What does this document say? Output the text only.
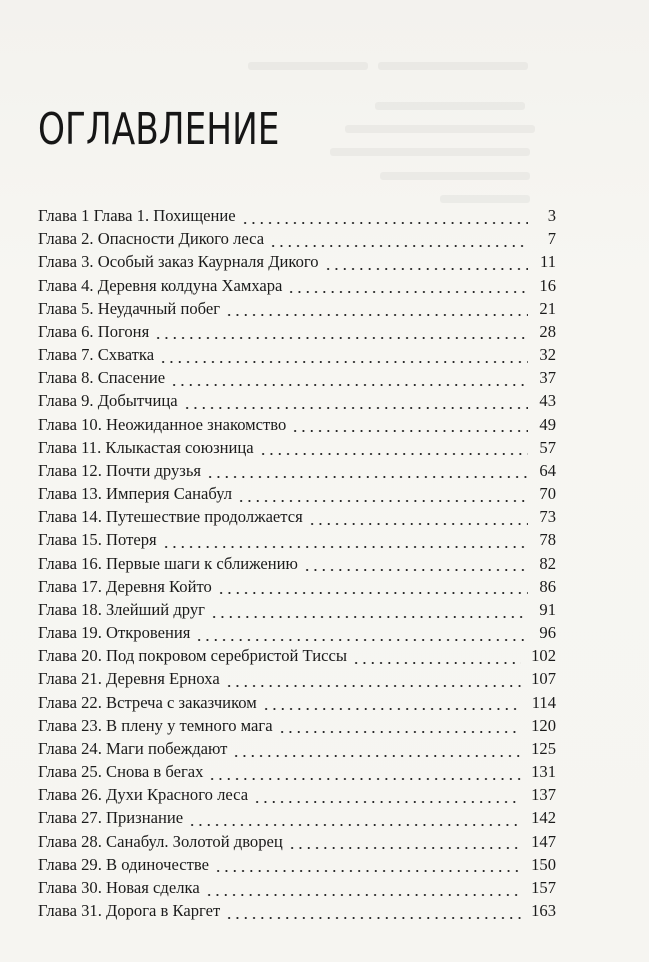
ОГЛАВЛЕНИЕ
Глава 1 Глава 1. Похищение	3
Глава 2. Опасности Дикого леса	7
Глава 3. Особый заказ Каурналя Дикого	11
Глава 4. Деревня колдуна Хамхара	16
Глава 5. Неудачный побег	21
Глава 6. Погоня	28
Глава 7. Схватка	32
Глава 8. Спасение	37
Глава 9. Добытчица	43
Глава 10. Неожиданное знакомство	49
Глава 11. Клыкастая союзница	57
Глава 12. Почти друзья	64
Глава 13. Империя Санабул	70
Глава 14. Путешествие продолжается	73
Глава 15. Потеря	78
Глава 16. Первые шаги к сближению	82
Глава 17. Деревня Който	86
Глава 18. Злейший друг	91
Глава 19. Откровения	96
Глава 20. Под покровом серебристой Тиссы	102
Глава 21. Деревня Ерноха	107
Глава 22. Встреча с заказчиком	114
Глава 23. В плену у темного мага	120
Глава 24. Маги побеждают	125
Глава 25. Снова в бегах	131
Глава 26. Духи Красного леса	137
Глава 27. Признание	142
Глава 28. Санабул. Золотой дворец	147
Глава 29. В одиночестве	150
Глава 30. Новая сделка	157
Глава 31. Дорога в Каргет	163
